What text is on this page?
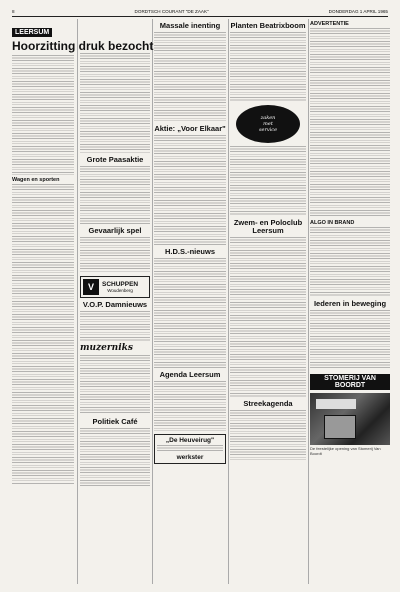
8	DORDTSCH COURANT "DE ZAAK"	DONDERDAG 1 APRIL 1965
LEERSUM
Hoorzitting druk bezocht
Wagen en sporten
Grote Paasaktie
Gevaarlijk spel
V	SCHUPPEN
Woudenberg
V.O.P. Damnieuws
muzerniks
Politiek Café
Massale inenting
Aktie: „Voor Elkaar"
H.D.S.-nieuws
Agenda Leersum
„De Heuveirug"
werkster
Planten Beatrixboom
zaken
met
service
Zwem- en Poloclub Leersum
Streekagenda
ADVERTENTIE
ALGO IN BRAND
Iederen in beweging
STOMERIJ VAN BOORDT
De feestelijke opening van Stomerij Van Boordt
